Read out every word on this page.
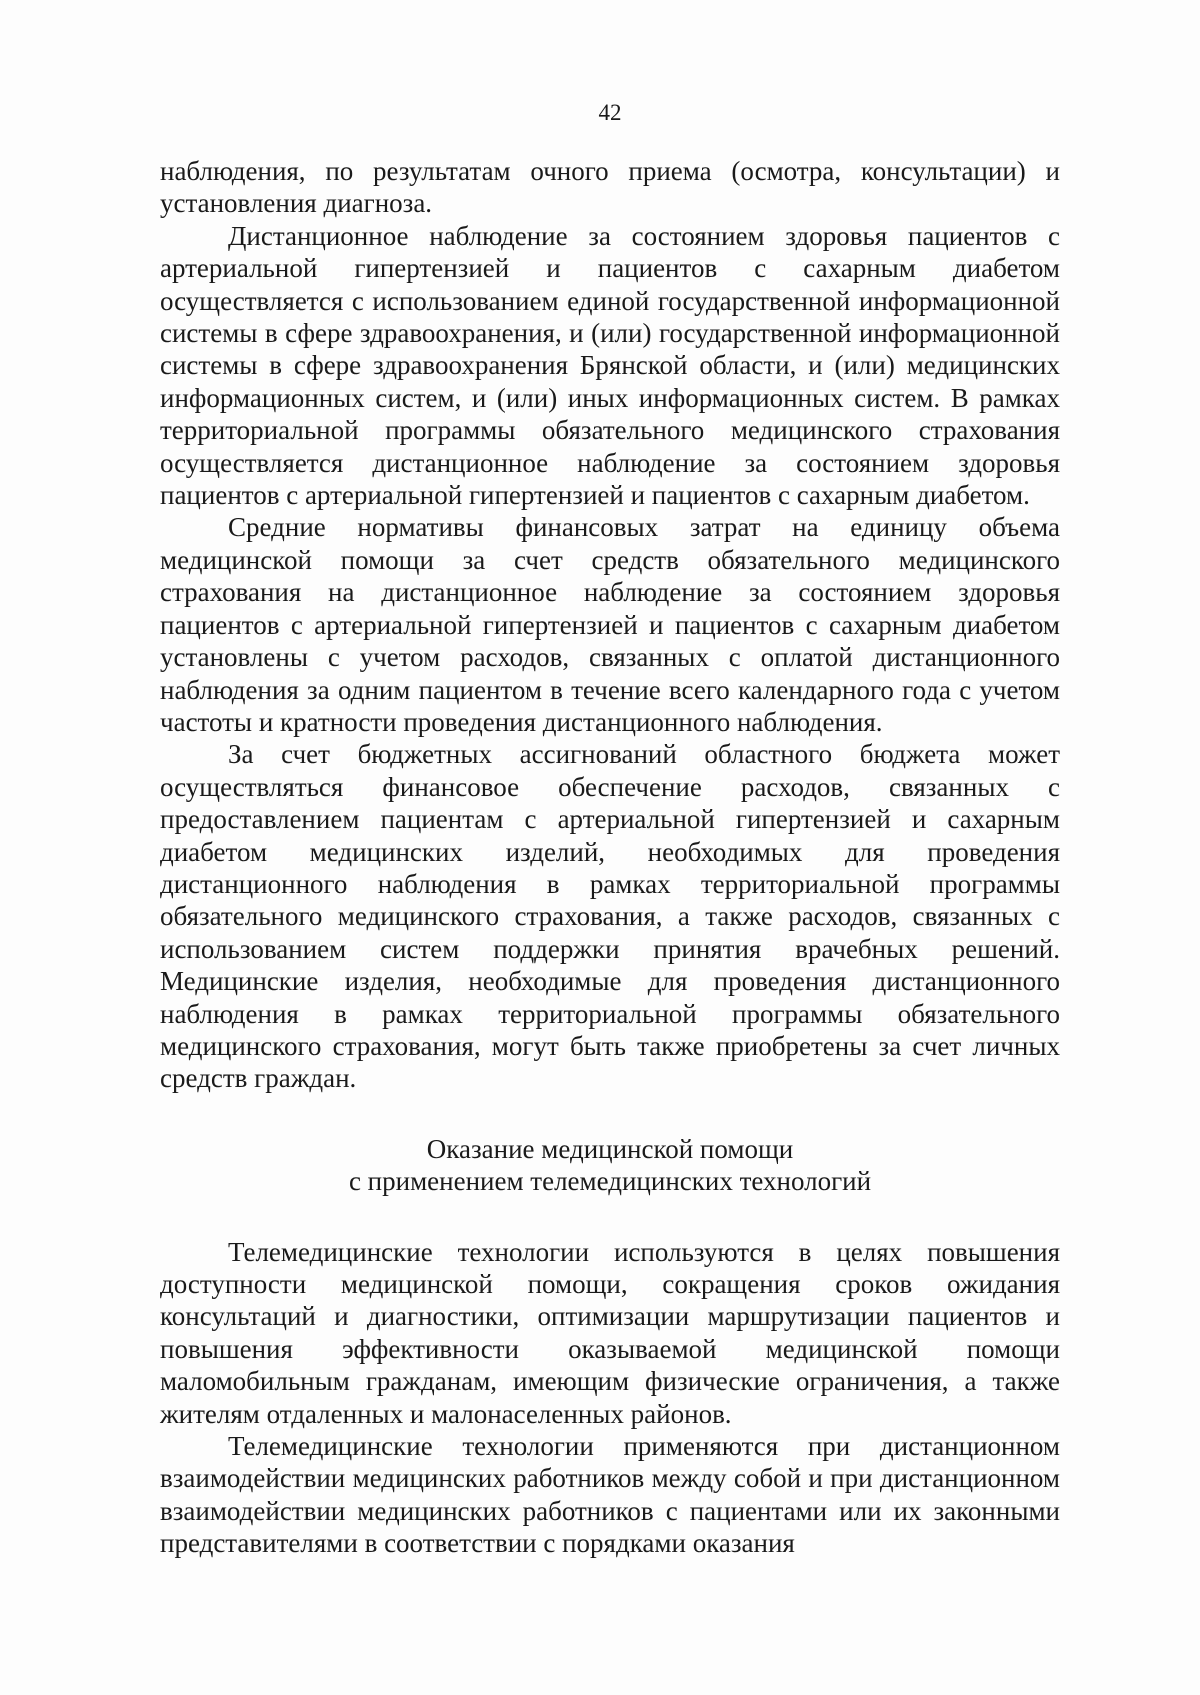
42

наблюдения, по результатам очного приема (осмотра, консультации) и установления диагноза.

Дистанционное наблюдение за состоянием здоровья пациентов с артериальной гипертензией и пациентов с сахарным диабетом осуществляется с использованием единой государственной информационной системы в сфере здравоохранения, и (или) государственной информационной системы в сфере здравоохранения Брянской области, и (или) медицинских информационных систем, и (или) иных информационных систем. В рамках территориальной программы обязательного медицинского страхования осуществляется дистанционное наблюдение за состоянием здоровья пациентов с артериальной гипертензией и пациентов с сахарным диабетом.

Средние нормативы финансовых затрат на единицу объема медицинской помощи за счет средств обязательного медицинского страхования на дистанционное наблюдение за состоянием здоровья пациентов с артериальной гипертензией и пациентов с сахарным диабетом установлены с учетом расходов, связанных с оплатой дистанционного наблюдения за одним пациентом в течение всего календарного года с учетом частоты и кратности проведения дистанционного наблюдения.

За счет бюджетных ассигнований областного бюджета может осуществляться финансовое обеспечение расходов, связанных с предоставлением пациентам с артериальной гипертензией и сахарным диабетом медицинских изделий, необходимых для проведения дистанционного наблюдения в рамках территориальной программы обязательного медицинского страхования, а также расходов, связанных с использованием систем поддержки принятия врачебных решений. Медицинские изделия, необходимые для проведения дистанционного наблюдения в рамках территориальной программы обязательного медицинского страхования, могут быть также приобретены за счет личных средств граждан.

Оказание медицинской помощи
с применением телемедицинских технологий

Телемедицинские технологии используются в целях повышения доступности медицинской помощи, сокращения сроков ожидания консультаций и диагностики, оптимизации маршрутизации пациентов и повышения эффективности оказываемой медицинской помощи маломобильным гражданам, имеющим физические ограничения, а также жителям отдаленных и малонаселенных районов.

Телемедицинские технологии применяются при дистанционном взаимодействии медицинских работников между собой и при дистанционном взаимодействии медицинских работников с пациентами или их законными представителями в соответствии с порядками оказания
